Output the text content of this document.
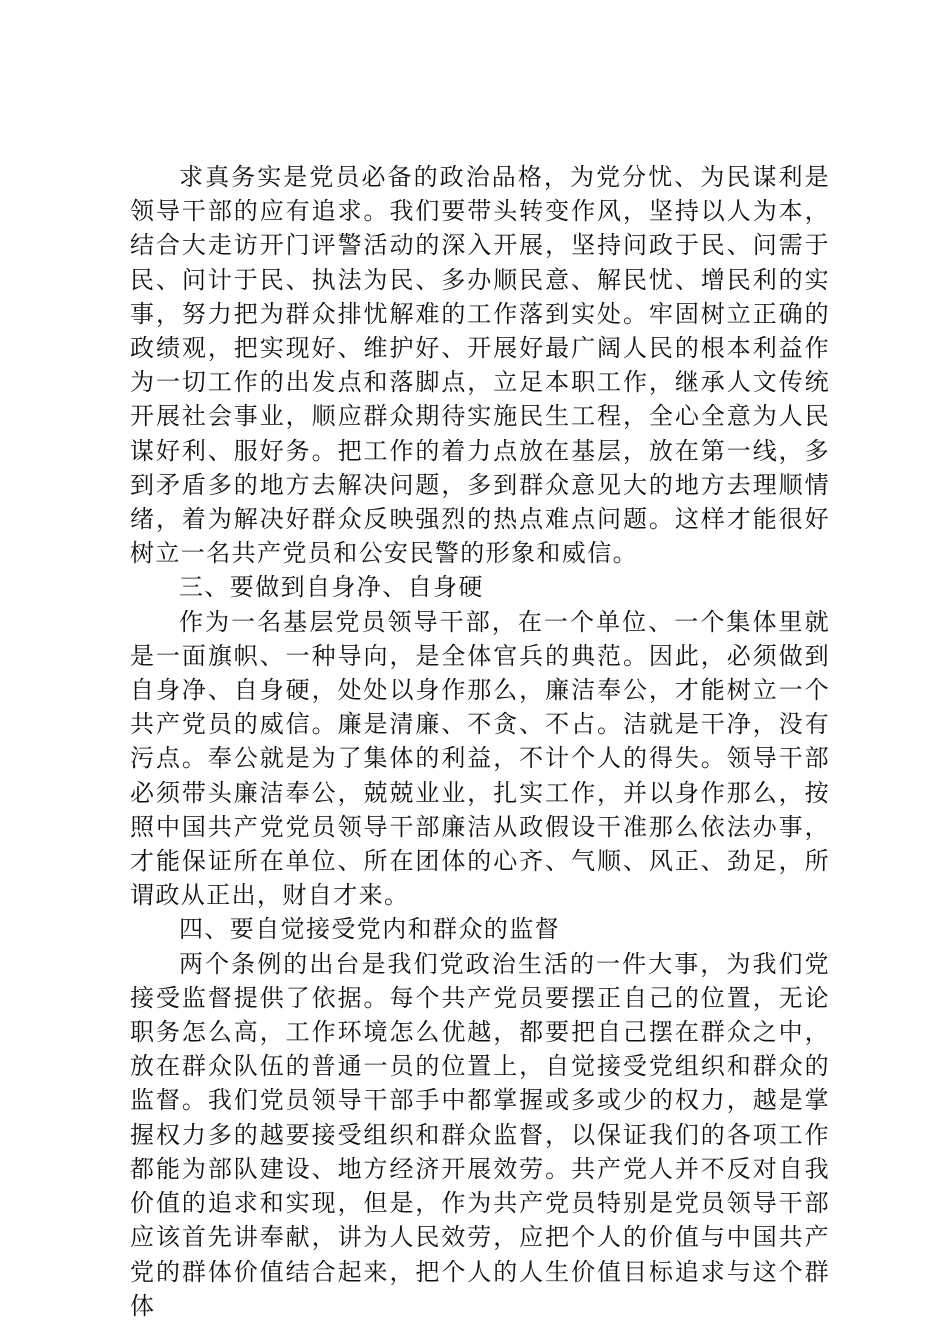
求真务实是党员必备的政治品格，为党分忧、为民谋利是领导干部的应有追求。我们要带头转变作风，坚持以人为本，结合大走访开门评警活动的深入开展，坚持问政于民、问需于民、问计于民、执法为民、多办顺民意、解民忧、增民利的实事，努力把为群众排忧解难的工作落到实处。牢固树立正确的政绩观，把实现好、维护好、开展好最广阔人民的根本利益作为一切工作的出发点和落脚点，立足本职工作，继承人文传统开展社会事业，顺应群众期待实施民生工程，全心全意为人民谋好利、服好务。把工作的着力点放在基层，放在第一线，多到矛盾多的地方去解决问题，多到群众意见大的地方去理顺情绪，着为解决好群众反映强烈的热点难点问题。这样才能很好树立一名共产党员和公安民警的形象和威信。

三、要做到自身净、自身硬

作为一名基层党员领导干部，在一个单位、一个集体里就是一面旗帜、一种导向，是全体官兵的典范。因此，必须做到自身净、自身硬，处处以身作那么，廉洁奉公，才能树立一个共产党员的威信。廉是清廉、不贪、不占。洁就是干净，没有污点。奉公就是为了集体的利益，不计个人的得失。领导干部必须带头廉洁奉公，兢兢业业，扎实工作，并以身作那么，按照中国共产党党员领导干部廉洁从政假设干准那么依法办事，才能保证所在单位、所在团体的心齐、气顺、风正、劲足，所谓政从正出，财自才来。

四、要自觉接受党内和群众的监督

两个条例的出台是我们党政治生活的一件大事，为我们党接受监督提供了依据。每个共产党员要摆正自己的位置，无论职务怎么高，工作环境怎么优越，都要把自己摆在群众之中，放在群众队伍的普通一员的位置上，自觉接受党组织和群众的监督。我们党员领导干部手中都掌握或多或少的权力，越是掌握权力多的越要接受组织和群众监督，以保证我们的各项工作都能为部队建设、地方经济开展效劳。共产党人并不反对自我价值的追求和实现，但是，作为共产党员特别是党员领导干部应该首先讲奉献，讲为人民效劳，应把个人的价值与中国共产党的群体价值结合起来，把个人的人生价值目标追求与这个群体
